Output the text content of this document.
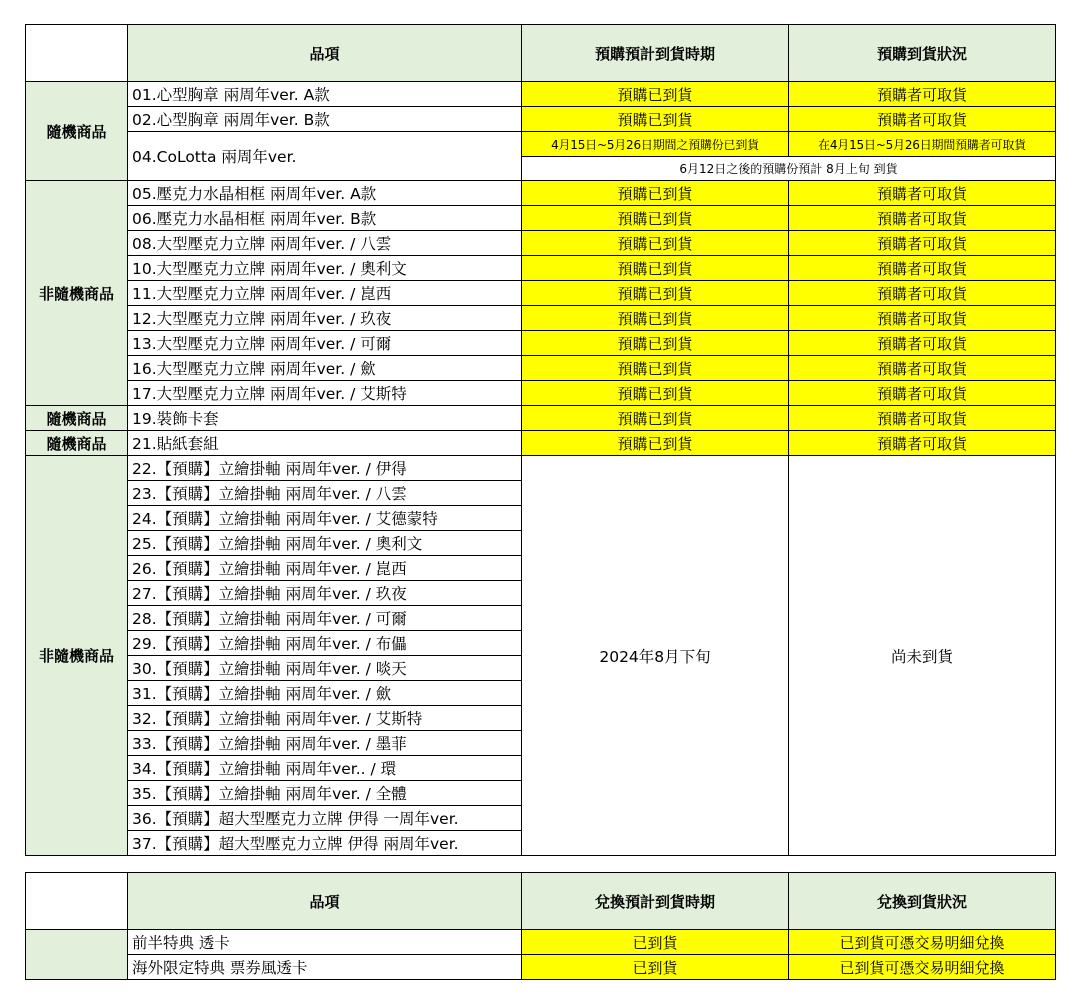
	品項	預購預計到貨時期	預購到貨狀況
隨機商品	01.心型胸章 兩周年ver. A款	預購已到貨	預購者可取貨
	02.心型胸章 兩周年ver. B款	預購已到貨	預購者可取貨
	04.CoLotta 兩周年ver.	4月15日~5月26日期間之預購份已到貨	在4月15日~5月26日期間預購者可取貨
		6月12日之後的預購份預計 8月上旬 到貨	
非隨機商品	05.壓克力水晶相框 兩周年ver. A款	預購已到貨	預購者可取貨
	06.壓克力水晶相框 兩周年ver. B款	預購已到貨	預購者可取貨
	08.大型壓克力立牌 兩周年ver. / 八雲	預購已到貨	預購者可取貨
	10.大型壓克力立牌 兩周年ver. / 奧利文	預購已到貨	預購者可取貨
	11.大型壓克力立牌 兩周年ver. / 崑西	預購已到貨	預購者可取貨
	12.大型壓克力立牌 兩周年ver. / 玖夜	預購已到貨	預購者可取貨
	13.大型壓克力立牌 兩周年ver. / 可爾	預購已到貨	預購者可取貨
	16.大型壓克力立牌 兩周年ver. / 歛	預購已到貨	預購者可取貨
	17.大型壓克力立牌 兩周年ver. / 艾斯特	預購已到貨	預購者可取貨
隨機商品	19.裝飾卡套	預購已到貨	預購者可取貨
隨機商品	21.貼紙套組	預購已到貨	預購者可取貨
非隨機商品	22.【預購】立繪掛軸 兩周年ver. / 伊得	2024年8月下旬	尚未到貨
	23.【預購】立繪掛軸 兩周年ver. / 八雲		
	24.【預購】立繪掛軸 兩周年ver. / 艾德蒙特		
	25.【預購】立繪掛軸 兩周年ver. / 奧利文		
	26.【預購】立繪掛軸 兩周年ver. / 崑西		
	27.【預購】立繪掛軸 兩周年ver. / 玖夜		
	28.【預購】立繪掛軸 兩周年ver. / 可爾		
	29.【預購】立繪掛軸 兩周年ver. / 布儡		
	30.【預購】立繪掛軸 兩周年ver. / 啖天		
	31.【預購】立繪掛軸 兩周年ver. / 歛		
	32.【預購】立繪掛軸 兩周年ver. / 艾斯特		
	33.【預購】立繪掛軸 兩周年ver. / 墨菲		
	34.【預購】立繪掛軸 兩周年ver.. / 環		
	35.【預購】立繪掛軸 兩周年ver. / 全體		
	36.【預購】超大型壓克力立牌 伊得 一周年ver.		
	37.【預購】超大型壓克力立牌 伊得 兩周年ver.		
	品項	兌換預計到貨時期	兌換到貨狀況
	前半特典 透卡	已到貨	已到貨可憑交易明細兌換
	海外限定特典 票券風透卡	已到貨	已到貨可憑交易明細兌換
